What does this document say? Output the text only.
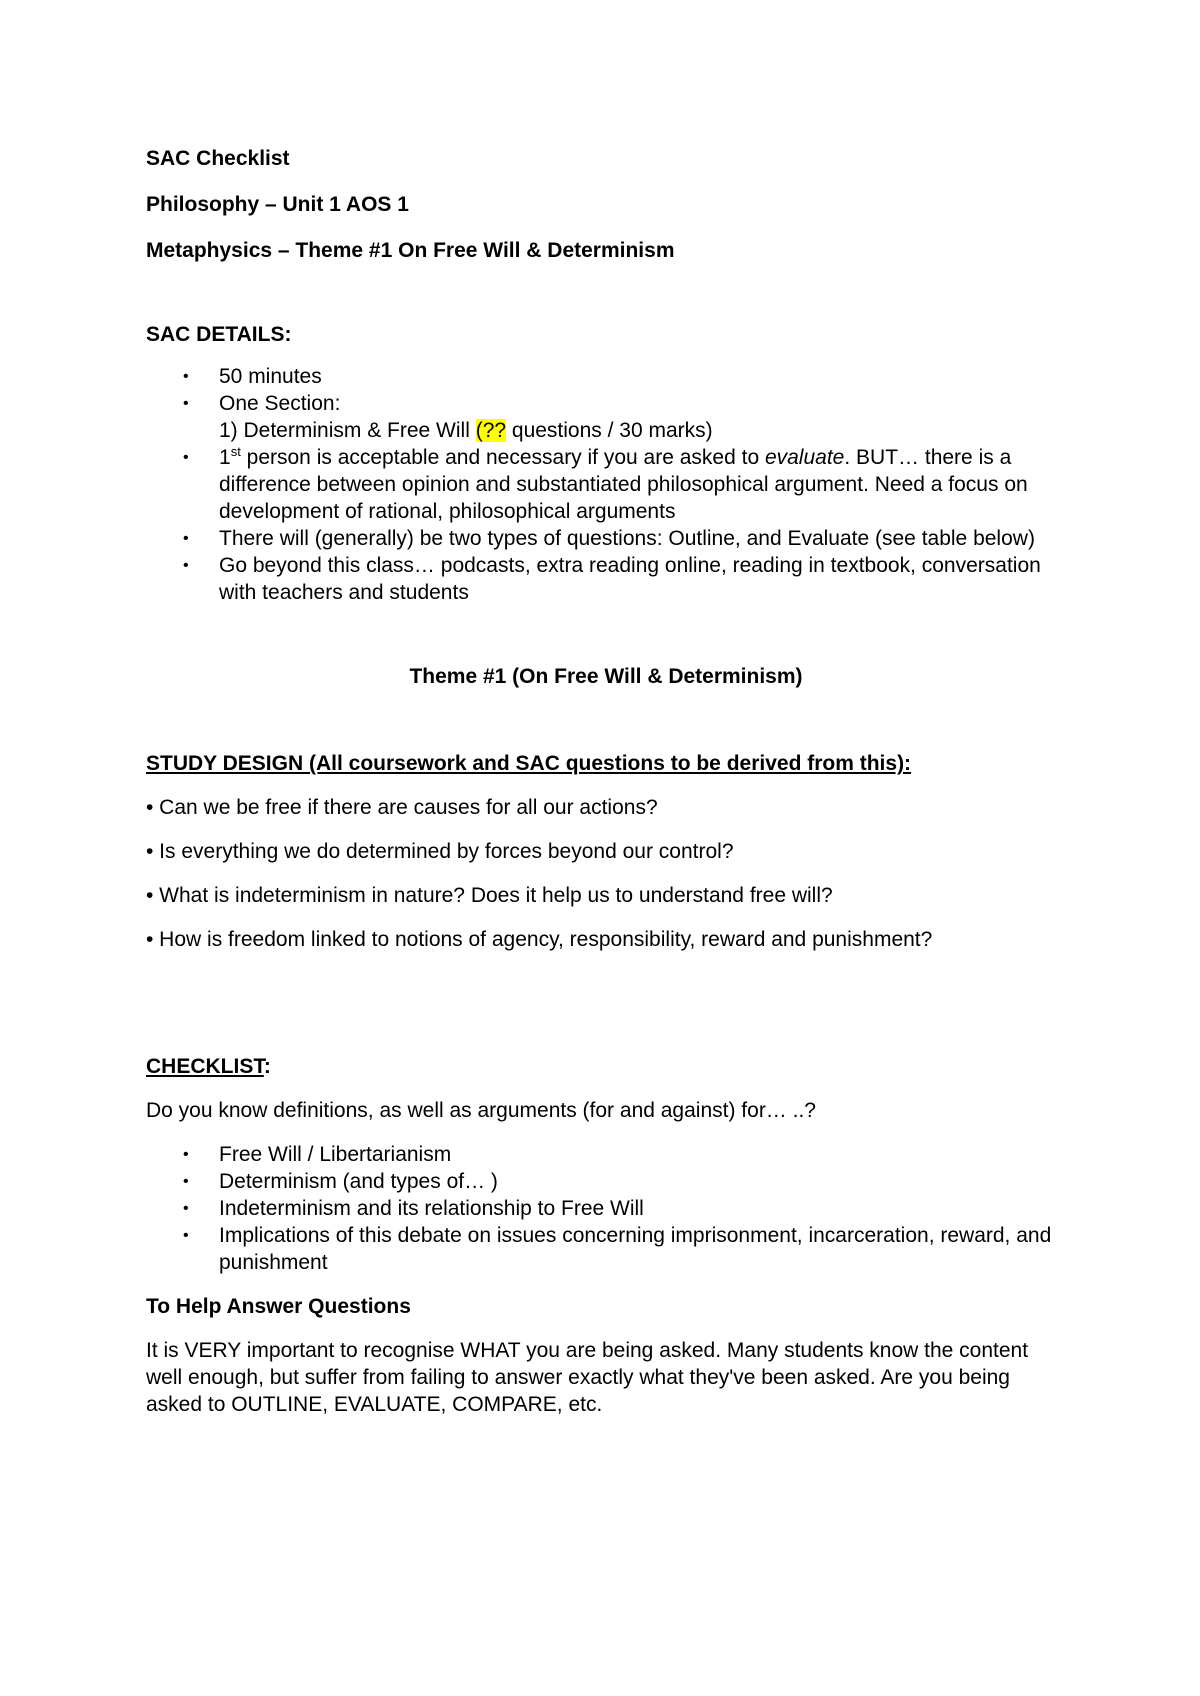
SAC Checklist

Philosophy – Unit 1 AOS 1

Metaphysics – Theme #1 On Free Will & Determinism

SAC DETAILS:

• 50 minutes
• One Section:
1) Determinism & Free Will (?? questions / 30 marks)
• 1st person is acceptable and necessary if you are asked to evaluate. BUT… there is a difference between opinion and substantiated philosophical argument. Need a focus on development of rational, philosophical arguments
• There will (generally) be two types of questions: Outline, and Evaluate (see table below)
• Go beyond this class… podcasts, extra reading online, reading in textbook, conversation with teachers and students

Theme #1 (On Free Will & Determinism)

STUDY DESIGN (All coursework and SAC questions to be derived from this):

• Can we be free if there are causes for all our actions?

• Is everything we do determined by forces beyond our control?

• What is indeterminism in nature? Does it help us to understand free will?

• How is freedom linked to notions of agency, responsibility, reward and punishment?

CHECKLIST:

Do you know definitions, as well as arguments (for and against) for… ..?

• Free Will / Libertarianism
• Determinism (and types of… )
• Indeterminism and its relationship to Free Will
• Implications of this debate on issues concerning imprisonment, incarceration, reward, and punishment

To Help Answer Questions

It is VERY important to recognise WHAT you are being asked. Many students know the content well enough, but suffer from failing to answer exactly what they've been asked. Are you being asked to OUTLINE, EVALUATE, COMPARE, etc.
